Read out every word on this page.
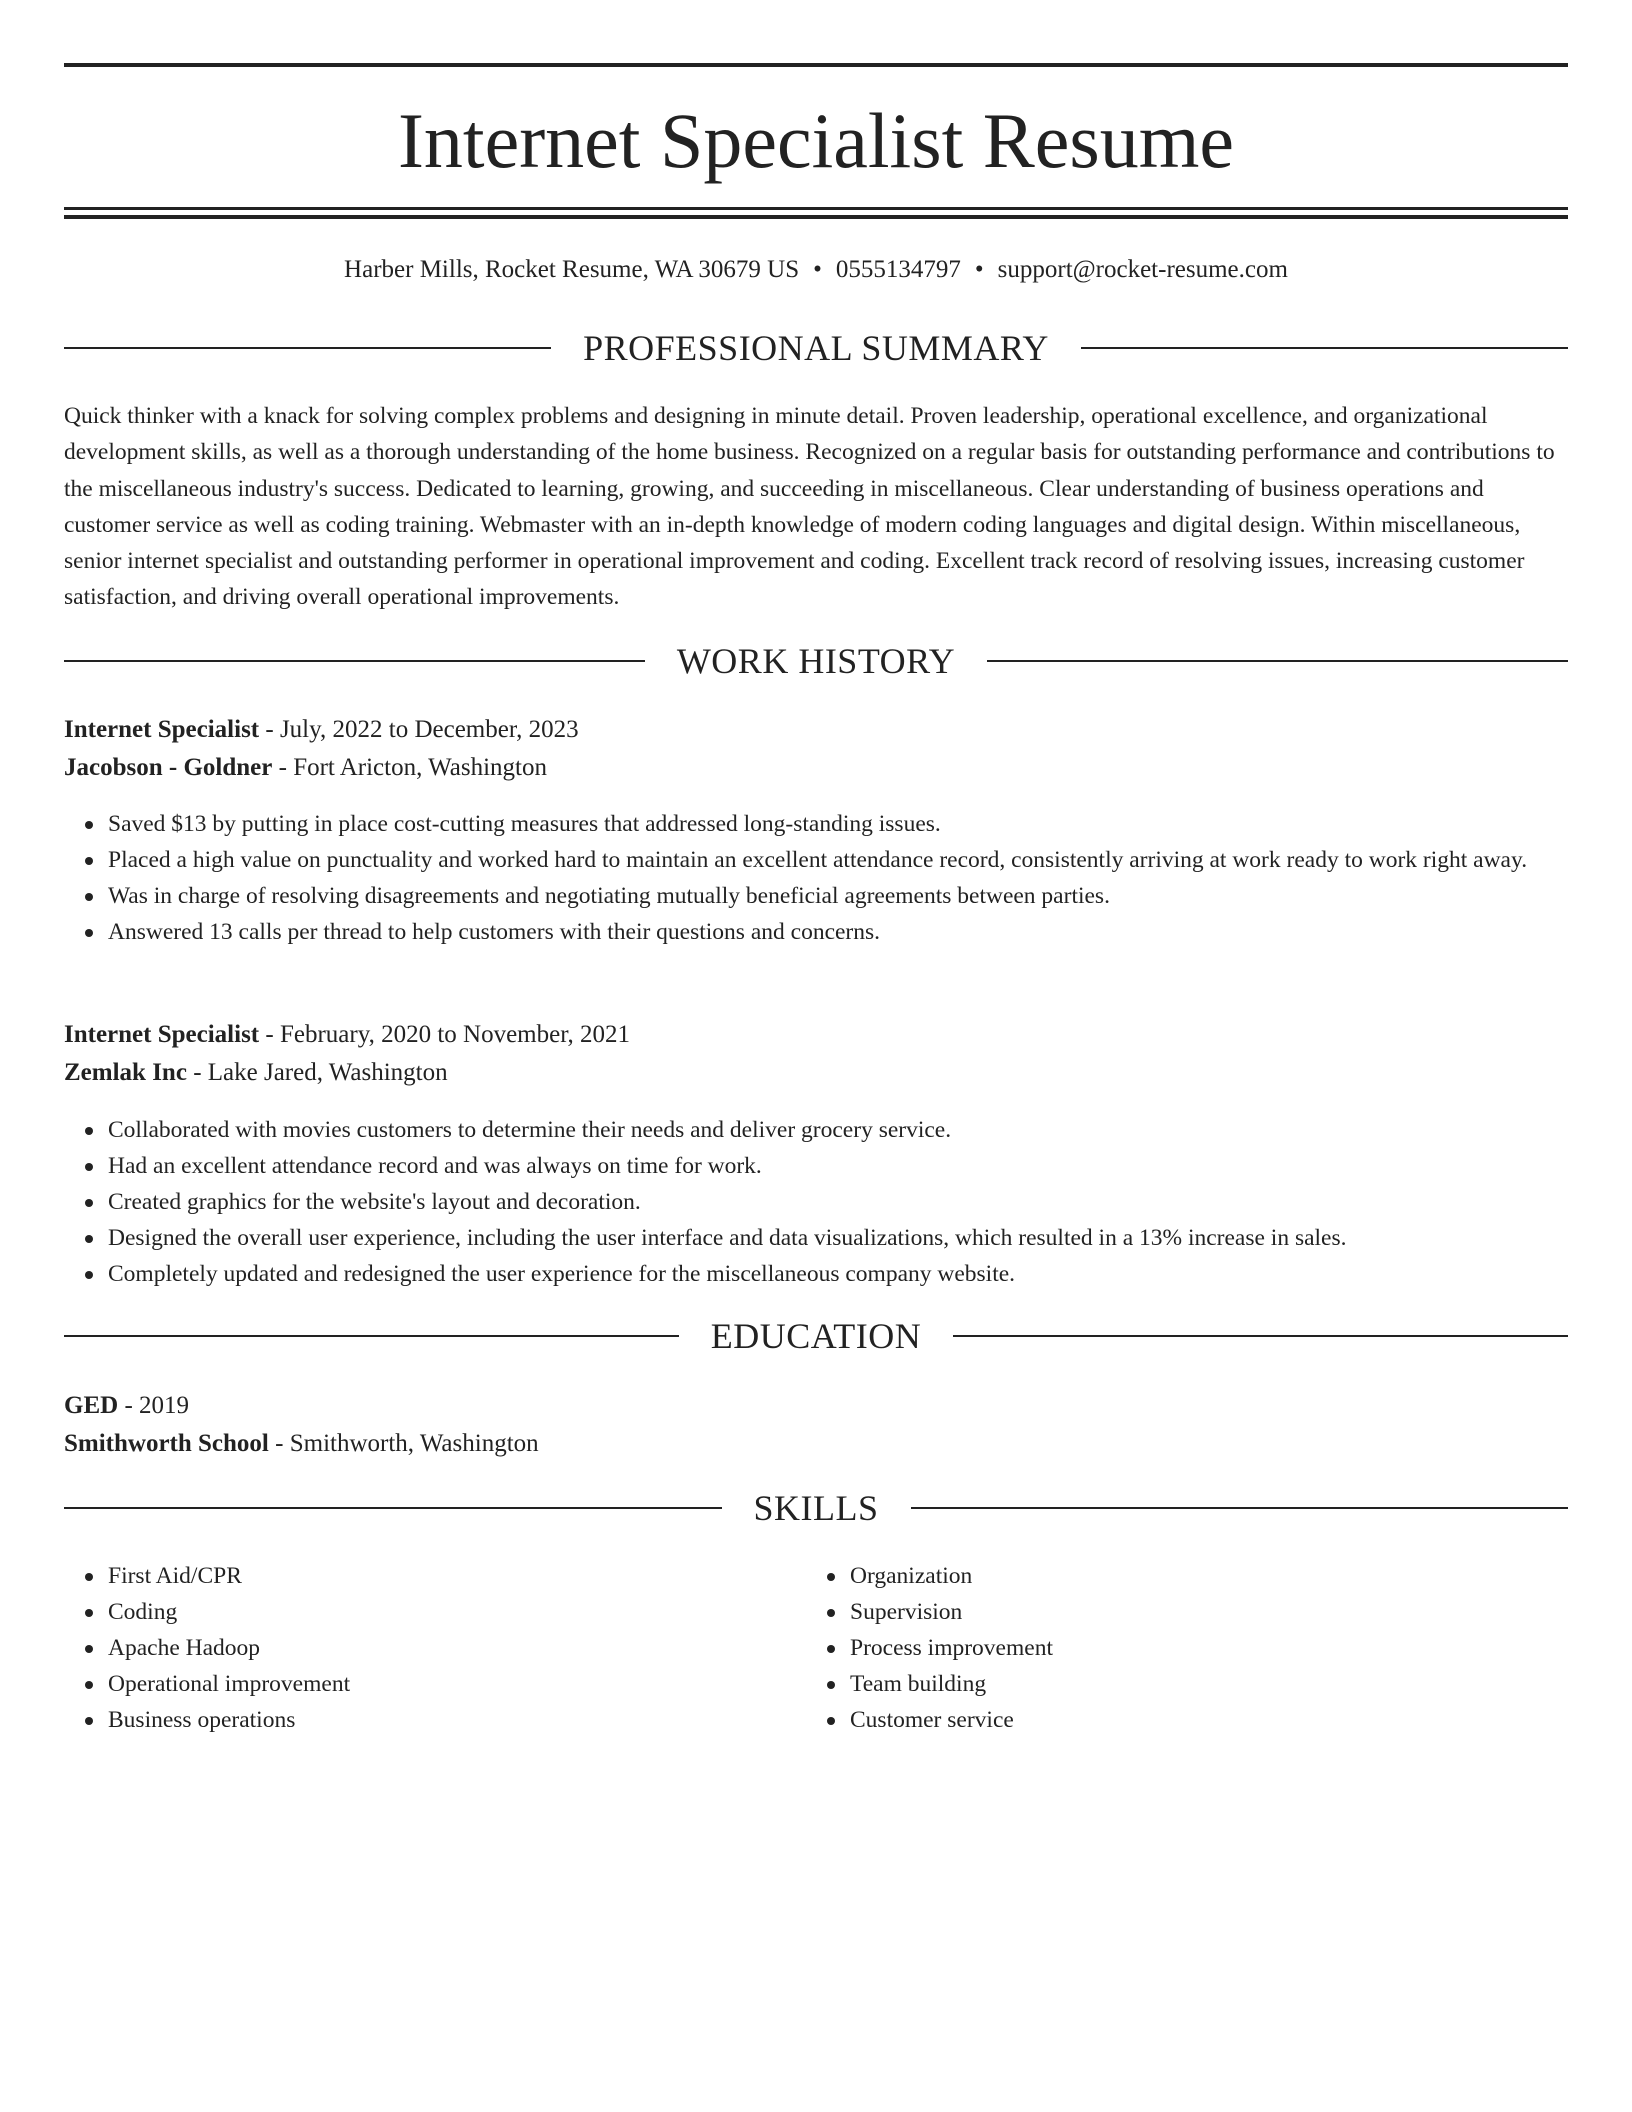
Internet Specialist Resume
Harber Mills, Rocket Resume, WA 30679 US • 0555134797 • support@rocket-resume.com
PROFESSIONAL SUMMARY

Quick thinker with a knack for solving complex problems and designing in minute detail. Proven leadership, operational excellence, and organizational development skills, as well as a thorough understanding of the home business. Recognized on a regular basis for outstanding performance and contributions to the miscellaneous industry's success. Dedicated to learning, growing, and succeeding in miscellaneous. Clear understanding of business operations and customer service as well as coding training. Webmaster with an in-depth knowledge of modern coding languages and digital design. Within miscellaneous, senior internet specialist and outstanding performer in operational improvement and coding. Excellent track record of resolving issues, increasing customer satisfaction, and driving overall operational improvements.

WORK HISTORY
Internet Specialist - July, 2022 to December, 2023
Jacobson - Goldner - Fort Aricton, Washington
Saved $13 by putting in place cost-cutting measures that addressed long-standing issues.
Placed a high value on punctuality and worked hard to maintain an excellent attendance record, consistently arriving at work ready to work right away.
Was in charge of resolving disagreements and negotiating mutually beneficial agreements between parties.
Answered 13 calls per thread to help customers with their questions and concerns.
Internet Specialist - February, 2020 to November, 2021
Zemlak Inc - Lake Jared, Washington
Collaborated with movies customers to determine their needs and deliver grocery service.
Had an excellent attendance record and was always on time for work.
Created graphics for the website's layout and decoration.
Designed the overall user experience, including the user interface and data visualizations, which resulted in a 13% increase in sales.
Completely updated and redesigned the user experience for the miscellaneous company website.
EDUCATION
GED - 2019
Smithworth School - Smithworth, Washington
SKILLS
First Aid/CPR
Coding
Apache Hadoop
Operational improvement
Business operations
Organization
Supervision
Process improvement
Team building
Customer service
